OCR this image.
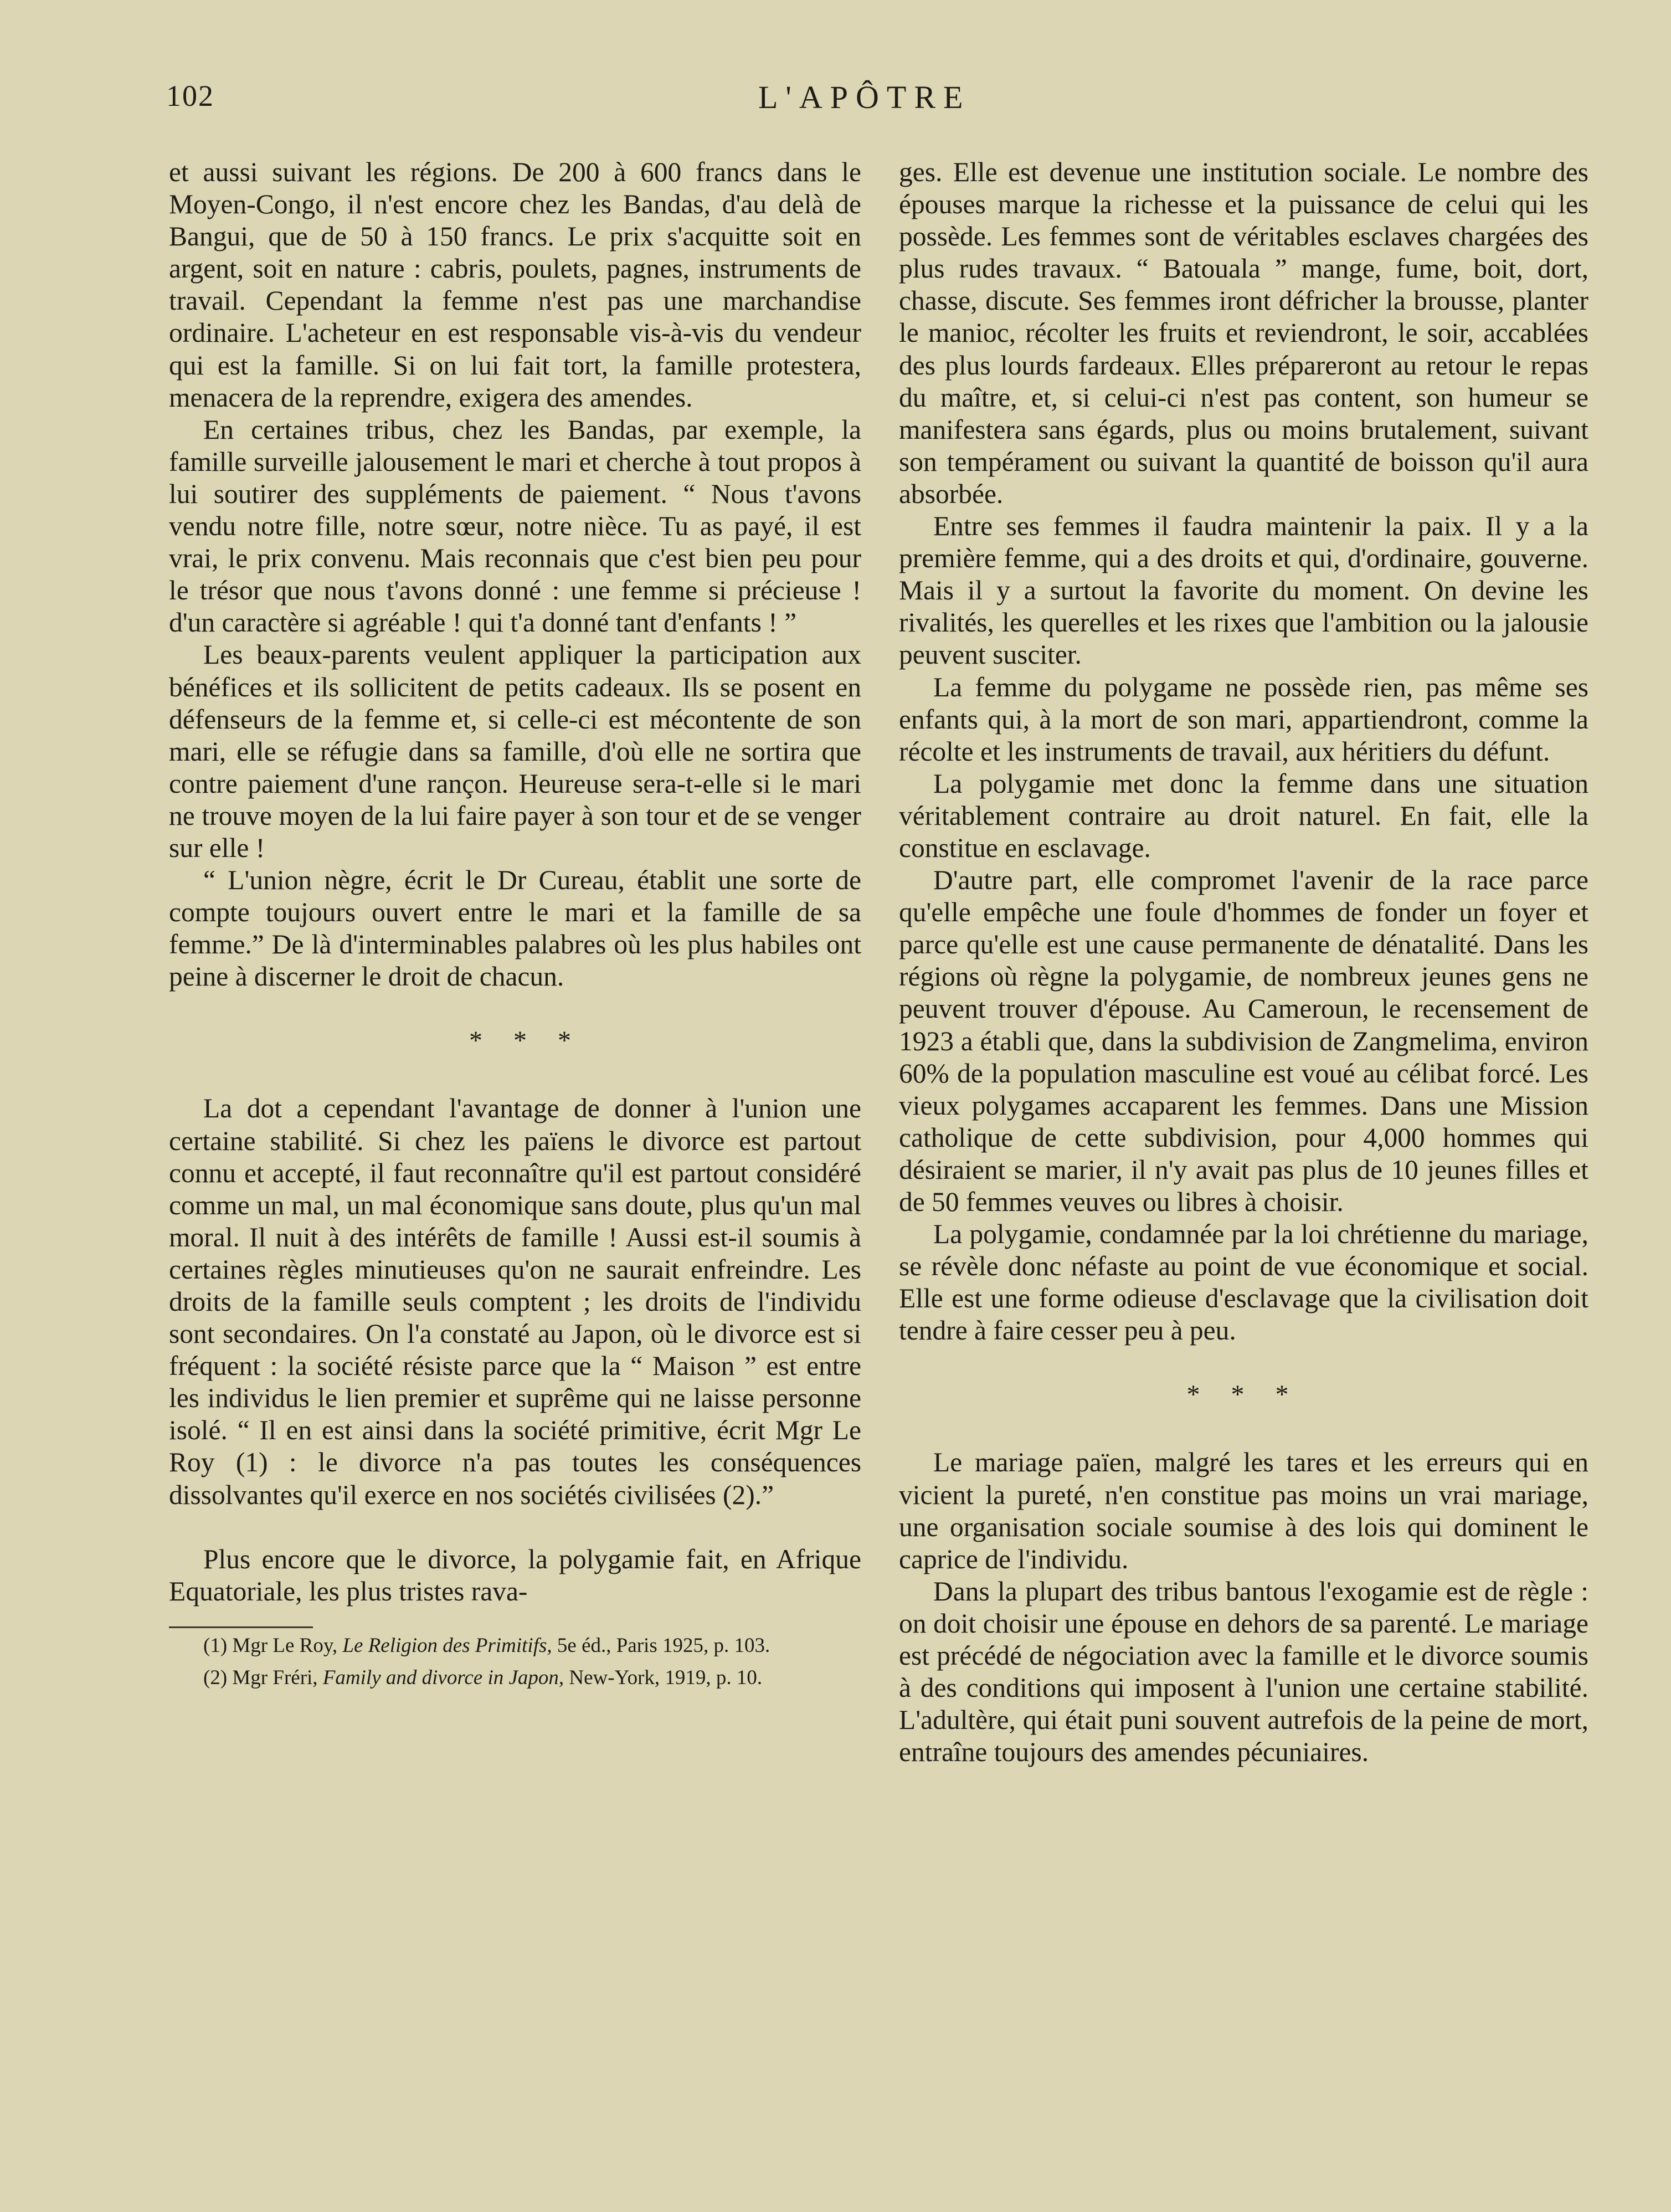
102	L'APÔTRE

et aussi suivant les régions. De 200 à 600 francs dans le Moyen-Congo, il n'est encore chez les Bandas, d'au delà de Bangui, que de 50 à 150 francs. Le prix s'acquitte soit en argent, soit en nature : cabris, poulets, pagnes, instruments de travail. Cependant la femme n'est pas une marchandise ordinaire. L'acheteur en est responsable vis-à-vis du vendeur qui est la famille. Si on lui fait tort, la famille protestera, menacera de la reprendre, exigera des amendes.

En certaines tribus, chez les Bandas, par exemple, la famille surveille jalousement le mari et cherche à tout propos à lui soutirer des suppléments de paiement. “ Nous t'avons vendu notre fille, notre sœur, notre nièce. Tu as payé, il est vrai, le prix convenu. Mais reconnais que c'est bien peu pour le trésor que nous t'avons donné : une femme si précieuse ! d'un caractère si agréable ! qui t'a donné tant d'enfants ! ”

Les beaux-parents veulent appliquer la participation aux bénéfices et ils sollicitent de petits cadeaux. Ils se posent en défenseurs de la femme et, si celle-ci est mécontente de son mari, elle se réfugie dans sa famille, d'où elle ne sortira que contre paiement d'une rançon. Heureuse sera-t-elle si le mari ne trouve moyen de la lui faire payer à son tour et de se venger sur elle !

“ L'union nègre, écrit le Dr Cureau, établit une sorte de compte toujours ouvert entre le mari et la famille de sa femme.” De là d'interminables palabres où les plus habiles ont peine à discerner le droit de chacun.

* * *

La dot a cependant l'avantage de donner à l'union une certaine stabilité. Si chez les païens le divorce est partout connu et accepté, il faut reconnaître qu'il est partout considéré comme un mal, un mal économique sans doute, plus qu'un mal moral. Il nuit à des intérêts de famille ! Aussi est-il soumis à certaines règles minutieuses qu'on ne saurait enfreindre. Les droits de la famille seuls comptent ; les droits de l'individu sont secondaires. On l'a constaté au Japon, où le divorce est si fréquent : la société résiste parce que la “ Maison ” est entre les individus le lien premier et suprême qui ne laisse personne isolé. “ Il en est ainsi dans la société primitive, écrit Mgr Le Roy (1) : le divorce n'a pas toutes les conséquences dissolvantes qu'il exerce en nos sociétés civilisées (2).”

Plus encore que le divorce, la polygamie fait, en Afrique Equatoriale, les plus tristes rava-

(1) Mgr Le Roy, Le Religion des Primitifs, 5e éd., Paris 1925, p. 103.

(2) Mgr Fréri, Family and divorce in Japon, New-York, 1919, p. 10.

ges. Elle est devenue une institution sociale. Le nombre des épouses marque la richesse et la puissance de celui qui les possède. Les femmes sont de véritables esclaves chargées des plus rudes travaux. “ Batouala ” mange, fume, boit, dort, chasse, discute. Ses femmes iront défricher la brousse, planter le manioc, récolter les fruits et reviendront, le soir, accablées des plus lourds fardeaux. Elles prépareront au retour le repas du maître, et, si celui-ci n'est pas content, son humeur se manifestera sans égards, plus ou moins brutalement, suivant son tempérament ou suivant la quantité de boisson qu'il aura absorbée.

Entre ses femmes il faudra maintenir la paix. Il y a la première femme, qui a des droits et qui, d'ordinaire, gouverne. Mais il y a surtout la favorite du moment. On devine les rivalités, les querelles et les rixes que l'ambition ou la jalousie peuvent susciter.

La femme du polygame ne possède rien, pas même ses enfants qui, à la mort de son mari, appartiendront, comme la récolte et les instruments de travail, aux héritiers du défunt.

La polygamie met donc la femme dans une situation véritablement contraire au droit naturel. En fait, elle la constitue en esclavage.

D'autre part, elle compromet l'avenir de la race parce qu'elle empêche une foule d'hommes de fonder un foyer et parce qu'elle est une cause permanente de dénatalité. Dans les régions où règne la polygamie, de nombreux jeunes gens ne peuvent trouver d'épouse. Au Cameroun, le recensement de 1923 a établi que, dans la subdivision de Zangmelima, environ 60% de la population masculine est voué au célibat forcé. Les vieux polygames accaparent les femmes. Dans une Mission catholique de cette subdivision, pour 4,000 hommes qui désiraient se marier, il n'y avait pas plus de 10 jeunes filles et de 50 femmes veuves ou libres à choisir.

La polygamie, condamnée par la loi chrétienne du mariage, se révèle donc néfaste au point de vue économique et social. Elle est une forme odieuse d'esclavage que la civilisation doit tendre à faire cesser peu à peu.

* * *

Le mariage païen, malgré les tares et les erreurs qui en vicient la pureté, n'en constitue pas moins un vrai mariage, une organisation sociale soumise à des lois qui dominent le caprice de l'individu.

Dans la plupart des tribus bantous l'exogamie est de règle : on doit choisir une épouse en dehors de sa parenté. Le mariage est précédé de négociation avec la famille et le divorce soumis à des conditions qui imposent à l'union une certaine stabilité. L'adultère, qui était puni souvent autrefois de la peine de mort, entraîne toujours des amendes pécuniaires.
